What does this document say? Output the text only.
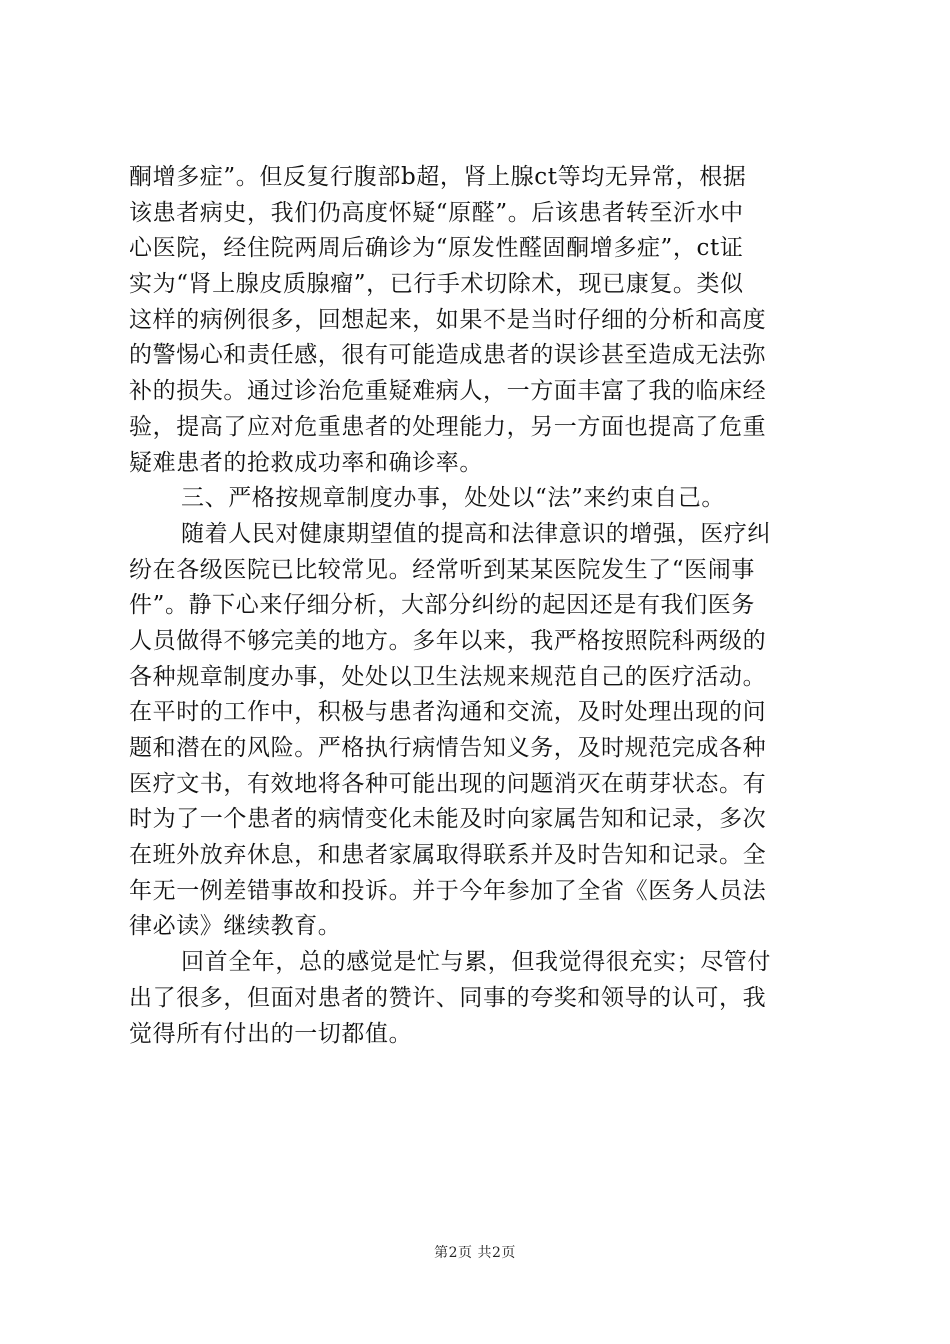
酮增多症”。但反复行腹部b超，肾上腺ct等均无异常，根据
该患者病史，我们仍高度怀疑“原醛”。后该患者转至沂水中
心医院，经住院两周后确诊为“原发性醛固酮增多症”，ct证
实为“肾上腺皮质腺瘤”，已行手术切除术，现已康复。类似
这样的病例很多，回想起来，如果不是当时仔细的分析和高度
的警惕心和责任感，很有可能造成患者的误诊甚至造成无法弥
补的损失。通过诊治危重疑难病人，一方面丰富了我的临床经
验，提高了应对危重患者的处理能力，另一方面也提高了危重
疑难患者的抢救成功率和确诊率。
三、严格按规章制度办事，处处以“法”来约束自己。
随着人民对健康期望值的提高和法律意识的增强，医疗纠
纷在各级医院已比较常见。经常听到某某医院发生了“医闹事
件”。静下心来仔细分析，大部分纠纷的起因还是有我们医务
人员做得不够完美的地方。多年以来，我严格按照院科两级的
各种规章制度办事，处处以卫生法规来规范自己的医疗活动。
在平时的工作中，积极与患者沟通和交流，及时处理出现的问
题和潜在的风险。严格执行病情告知义务，及时规范完成各种
医疗文书，有效地将各种可能出现的问题消灭在萌芽状态。有
时为了一个患者的病情变化未能及时向家属告知和记录，多次
在班外放弃休息，和患者家属取得联系并及时告知和记录。全
年无一例差错事故和投诉。并于今年参加了全省《医务人员法
律必读》继续教育。
回首全年，总的感觉是忙与累，但我觉得很充实；尽管付
出了很多，但面对患者的赞许、同事的夸奖和领导的认可，我
觉得所有付出的一切都值。
第2页 共2页
